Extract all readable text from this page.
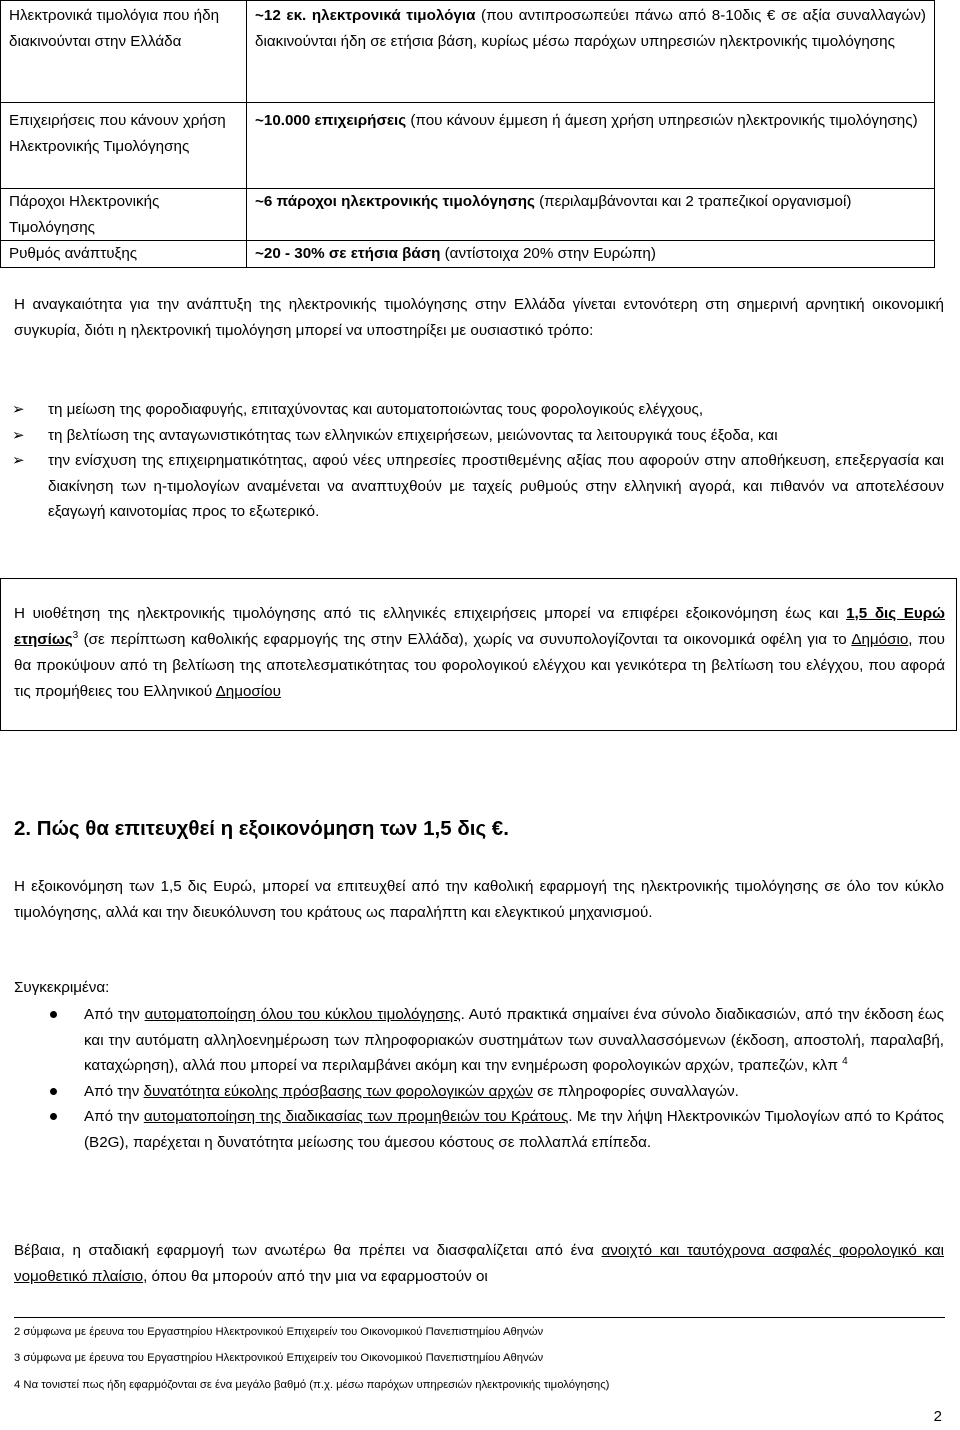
Ηλεκτρονικά τιμολόγια που ήδη διακινούνται στην Ελλάδα	~12 εκ. ηλεκτρονικά τιμολόγια (που αντιπροσωπεύει πάνω από 8-10δις € σε αξία συναλλαγών) διακινούνται ήδη σε ετήσια βάση, κυρίως μέσω παρόχων υπηρεσιών ηλεκτρονικής τιμολόγησης
Επιχειρήσεις που κάνουν χρήση Ηλεκτρονικής Τιμολόγησης	~10.000 επιχειρήσεις (που κάνουν έμμεση ή άμεση χρήση υπηρεσιών ηλεκτρονικής τιμολόγησης)
Πάροχοι Ηλεκτρονικής Τιμολόγησης	~6 πάροχοι ηλεκτρονικής τιμολόγησης (περιλαμβάνονται και 2 τραπεζικοί οργανισμοί)
Ρυθμός ανάπτυξης	~20 - 30% σε ετήσια βάση (αντίστοιχα 20% στην Ευρώπη)

Η αναγκαιότητα για την ανάπτυξη της ηλεκτρονικής τιμολόγησης στην Ελλάδα γίνεται εντονότερη στη σημερινή αρνητική οικονομική συγκυρία, διότι η ηλεκτρονική τιμολόγηση μπορεί να υποστηρίξει με ουσιαστικό τρόπο:

➢ τη μείωση της φοροδιαφυγής, επιταχύνοντας και αυτοματοποιώντας τους φορολογικούς ελέγχους,
➢ τη βελτίωση της ανταγωνιστικότητας των ελληνικών επιχειρήσεων, μειώνοντας τα λειτουργικά τους έξοδα, και
➢ την ενίσχυση της επιχειρηματικότητας, αφού νέες υπηρεσίες προστιθεμένης αξίας που αφορούν στην αποθήκευση, επεξεργασία και διακίνηση των η-τιμολογίων αναμένεται να αναπτυχθούν με ταχείς ρυθμούς στην ελληνική αγορά, και πιθανόν να αποτελέσουν εξαγωγή καινοτομίας προς το εξωτερικό.
Η υιοθέτηση της ηλεκτρονικής τιμολόγησης από τις ελληνικές επιχειρήσεις μπορεί να επιφέρει εξοικονόμηση έως και 1,5 δις Ευρώ ετησίως$^3$ (σε περίπτωση καθολικής εφαρμογής της στην Ελλάδα), χωρίς να συνυπολογίζονται τα οικονομικά οφέλη για το Δημόσιο, που θα προκύψουν από τη βελτίωση της αποτελεσματικότητας του φορολογικού ελέγχου και γενικότερα τη βελτίωση του ελέγχου, που αφορά τις προμήθειες του Ελληνικού Δημοσίου
2. Πώς θα επιτευχθεί η εξοικονόμηση των 1,5 δις €.

Η εξοικονόμηση των 1,5 δις Ευρώ, μπορεί να επιτευχθεί από την καθολική εφαρμογή της ηλεκτρονικής τιμολόγησης σε όλο τον κύκλο τιμολόγησης, αλλά και την διευκόλυνση του κράτους ως παραλήπτη και ελεγκτικού μηχανισμού.

Συγκεκριμένα:

Από την αυτοματοποίηση όλου του κύκλου τιμολόγησης. Αυτό πρακτικά σημαίνει ένα σύνολο διαδικασιών, από την έκδοση έως και την αυτόματη αλληλοενημέρωση των πληροφοριακών συστημάτων των συναλλασσόμενων (έκδοση, αποστολή, παραλαβή, καταχώρηση), αλλά που μπορεί να περιλαμβάνει ακόμη και την ενημέρωση φορολογικών αρχών, τραπεζών, κλπ $^4$
Από την δυνατότητα εύκολης πρόσβασης των φορολογικών αρχών σε πληροφορίες συναλλαγών.
Από την αυτοματοποίηση της διαδικασίας των προμηθειών του Κράτους. Με την λήψη Ηλεκτρονικών Τιμολογίων από το Κράτος (B2G), παρέχεται η δυνατότητα μείωσης του άμεσου κόστους σε πολλαπλά επίπεδα.

Βέβαια, η σταδιακή εφαρμογή των ανωτέρω θα πρέπει να διασφαλίζεται από ένα ανοιχτό και ταυτόχρονα ασφαλές φορολογικό και νομοθετικό πλαίσιο, όπου θα μπορούν από την μια να εφαρμοστούν οι

2 σύμφωνα με έρευνα του Εργαστηρίου Ηλεκτρονικού Επιχειρείν του Οικονομικού Πανεπιστημίου Αθηνών
3 σύμφωνα με έρευνα του Εργαστηρίου Ηλεκτρονικού Επιχειρείν του Οικονομικού Πανεπιστημίου Αθηνών
4 Να τονιστεί πως ήδη εφαρμόζονται σε ένα μεγάλο βαθμό (π.χ. μέσω παρόχων υπηρεσιών ηλεκτρονικής τιμολόγησης)
2
